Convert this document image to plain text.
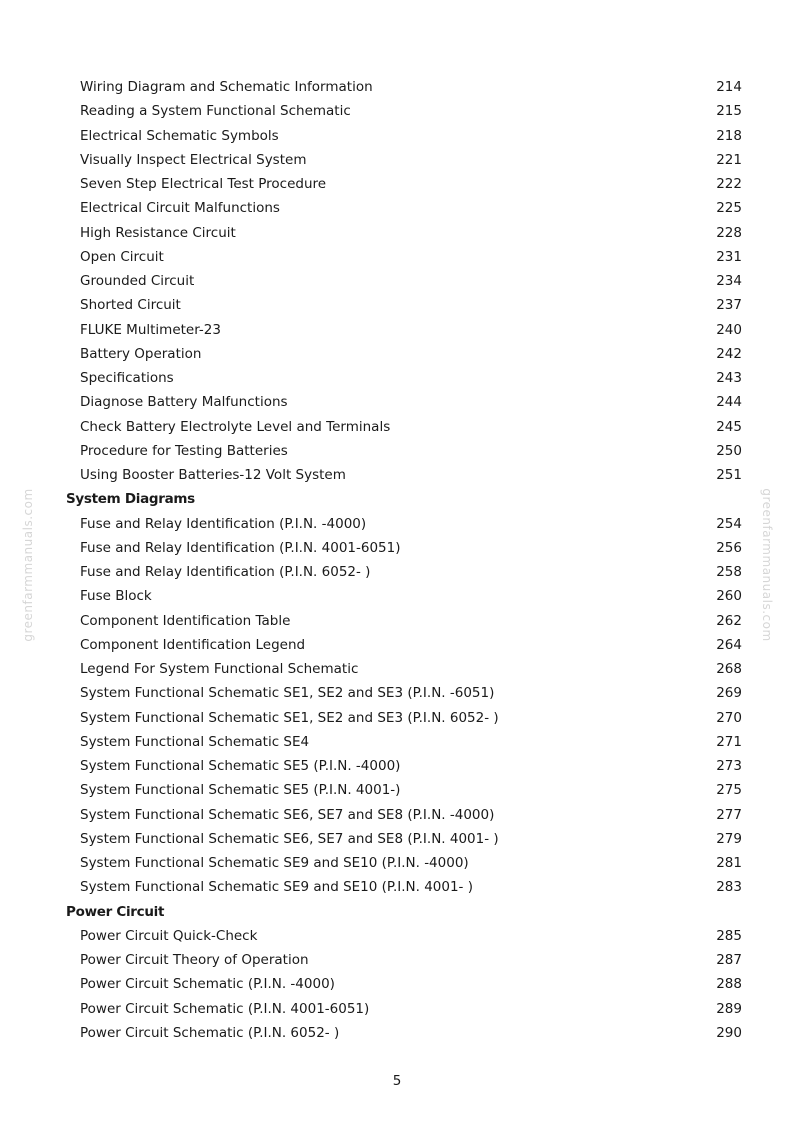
greenfarmmanuals.com	greenfarmmanuals.com
Wiring Diagram and Schematic Information	214
Reading a System Functional Schematic	215
Electrical Schematic Symbols	218
Visually Inspect Electrical System	221
Seven Step Electrical Test Procedure	222
Electrical Circuit Malfunctions	225
High Resistance Circuit	228
Open Circuit	231
Grounded Circuit	234
Shorted Circuit	237
FLUKE Multimeter-23	240
Battery Operation	242
Specifications	243
Diagnose Battery Malfunctions	244
Check Battery Electrolyte Level and Terminals	245
Procedure for Testing Batteries	250
Using Booster Batteries-12 Volt System	251
System Diagrams
Fuse and Relay Identification (P.I.N. -4000)	254
Fuse and Relay Identification (P.I.N. 4001-6051)	256
Fuse and Relay Identification (P.I.N. 6052- )	258
Fuse Block	260
Component Identification Table	262
Component Identification Legend	264
Legend For System Functional Schematic	268
System Functional Schematic SE1, SE2 and SE3 (P.I.N. -6051)	269
System Functional Schematic SE1, SE2 and SE3 (P.I.N. 6052- )	270
System Functional Schematic SE4	271
System Functional Schematic SE5 (P.I.N. -4000)	273
System Functional Schematic SE5 (P.I.N. 4001-)	275
System Functional Schematic SE6, SE7 and SE8 (P.I.N. -4000)	277
System Functional Schematic SE6, SE7 and SE8 (P.I.N. 4001- )	279
System Functional Schematic SE9 and SE10 (P.I.N. -4000)	281
System Functional Schematic SE9 and SE10 (P.I.N. 4001- )	283
Power Circuit
Power Circuit Quick-Check	285
Power Circuit Theory of Operation	287
Power Circuit Schematic (P.I.N. -4000)	288
Power Circuit Schematic (P.I.N. 4001-6051)	289
Power Circuit Schematic (P.I.N. 6052- )	290
5
